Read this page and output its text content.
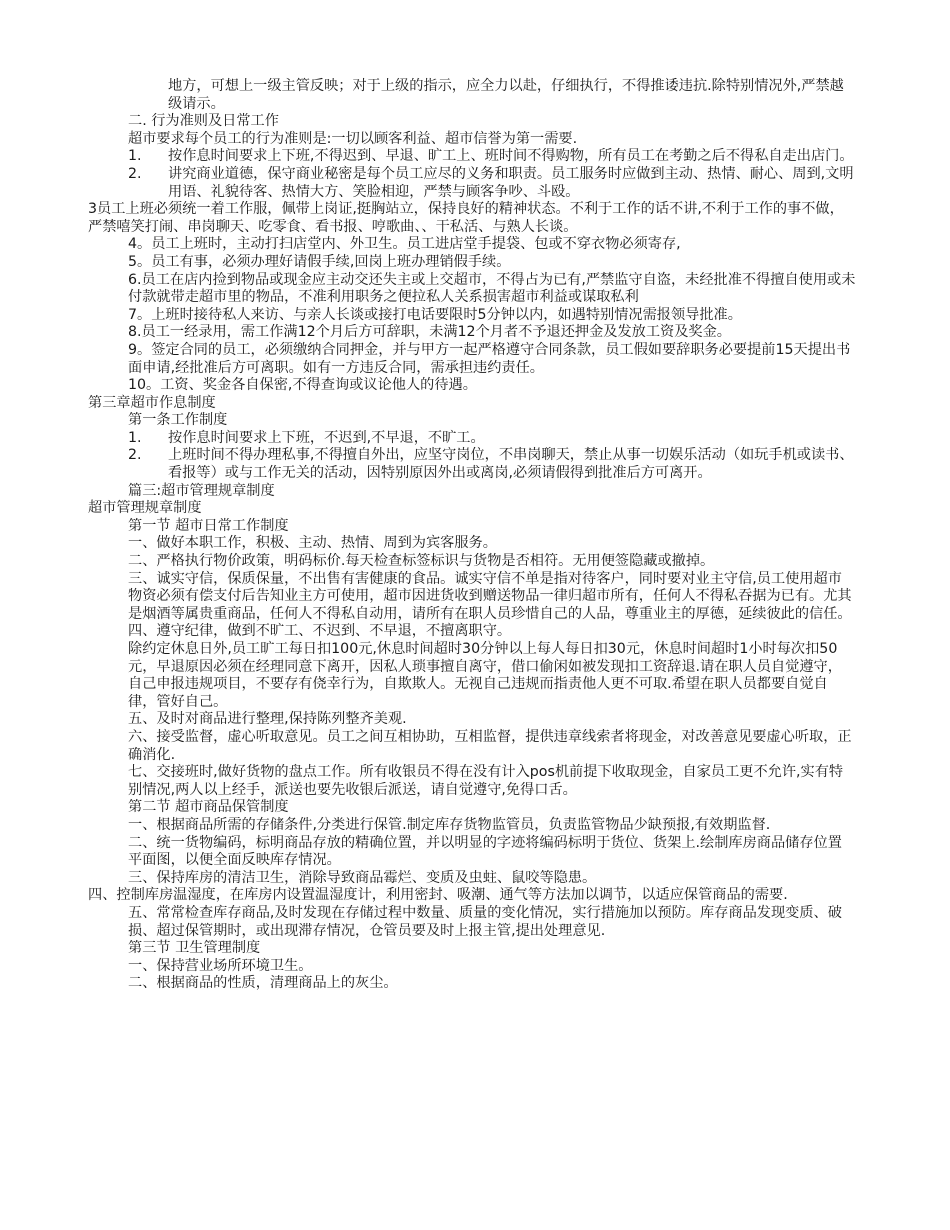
地方，可想上一级主管反映；对于上级的指示，应全力以赴，仔细执行，不得推诿违抗.除特别情况外,严禁越级请示。

二. 行为准则及日常工作

超市要求每个员工的行为准则是:一切以顾客利益、超市信誉为第一需要.

1.	按作息时间要求上下班,不得迟到、早退、旷工上、班时间不得购物，所有员工在考勤之后不得私自走出店门。
2.	讲究商业道德，保守商业秘密是每个员工应尽的义务和职责。员工服务时应做到主动、热情、耐心、周到,文明用语、礼貌待客、热情大方、笑脸相迎，严禁与顾客争吵、斗殴。

3员工上班必须统一着工作服，佩带上岗证,挺胸站立，保持良好的精神状态。不利于工作的话不讲,不利于工作的事不做，严禁嘻笑打闹、串岗聊天、吃零食、看书报、哼歌曲、、干私活、与熟人长谈。

4。员工上班时，主动打扫店堂内、外卫生。员工进店堂手提袋、包或不穿衣物必须寄存,

5。员工有事，必须办理好请假手续,回岗上班办理销假手续。

6.员工在店内捡到物品或现金应主动交还失主或上交超市，不得占为已有,严禁监守自盗，未经批准不得擅自使用或未付款就带走超市里的物品，不准利用职务之便拉私人关系损害超市利益或谋取私利

7。上班时接待私人来访、与亲人长谈或接打电话要限时5分钟以内，如遇特别情况需报领导批准。

8.员工一经录用，需工作满12个月后方可辞职，未满12个月者不予退还押金及发放工资及奖金。

9。签定合同的员工，必须缴纳合同押金，并与甲方一起严格遵守合同条款，员工假如要辞职务必要提前15天提出书面申请,经批准后方可离职。如有一方违反合同，需承担违约责任。

10。工资、奖金各自保密,不得查询或议论他人的待遇。

第三章超市作息制度

第一条工作制度

1.	按作息时间要求上下班，不迟到,不早退，不旷工。
2.	上班时间不得办理私事,不得擅自外出，应坚守岗位，不串岗聊天，禁止从事一切娱乐活动（如玩手机或读书、看报等）或与工作无关的活动，因特别原因外出或离岗,必须请假得到批准后方可离开。

篇三:超市管理规章制度

超市管理规章制度

第一节 超市日常工作制度

一、做好本职工作，积极、主动、热情、周到为宾客服务。

二、严格执行物价政策，明码标价.每天检查标签标识与货物是否相符。无用便签隐藏或撤掉。

三、诚实守信，保质保量，不出售有害健康的食品。诚实守信不单是指对待客户，同时要对业主守信,员工使用超市物资必须有偿支付后告知业主方可使用，超市因进货收到赠送物品一律归超市所有，任何人不得私吞据为已有。尤其是烟酒等属贵重商品，任何人不得私自动用，请所有在职人员珍惜自己的人品，尊重业主的厚德，延续彼此的信任。

四、遵守纪律，做到不旷工、不迟到、不早退，不擅离职守。

除约定休息日外,员工旷工每日扣100元,休息时间超时30分钟以上每人每日扣30元，休息时间超时1小时每次扣50元，早退原因必须在经理同意下离开，因私人琐事擅自离守，借口偷闲如被发现扣工资辞退.请在职人员自觉遵守，自己申报违规项目，不要存有侥幸行为，自欺欺人。无视自己违规而指责他人更不可取.希望在职人员都要自觉自律，管好自己。

五、及时对商品进行整理,保持陈列整齐美观.

六、接受监督，虚心听取意见。员工之间互相协助，互相监督，提供违章线索者将现金，对改善意见要虚心听取，正确消化.

七、交接班时,做好货物的盘点工作。所有收银员不得在没有计入pos机前提下收取现金，自家员工更不允许,实有特别情况,两人以上经手，派送也要先收银后派送，请自觉遵守,免得口舌。

第二节 超市商品保管制度

一、根据商品所需的存储条件,分类进行保管.制定库存货物监管员，负责监管物品少缺预报,有效期监督.

二、统一货物编码，标明商品存放的精确位置，并以明显的字迹将编码标明于货位、货架上.绘制库房商品储存位置平面图，以便全面反映库存情况。

三、保持库房的清洁卫生，消除导致商品霉烂、变质及虫蛀、鼠咬等隐患。

四、控制库房温湿度，在库房内设置温湿度计，利用密封、吸潮、通气等方法加以调节，以适应保管商品的需要.

五、常常检查库存商品,及时发现在存储过程中数量、质量的变化情况，实行措施加以预防。库存商品发现变质、破损、超过保管期时，或出现滞存情况，仓管员要及时上报主管,提出处理意见.

第三节 卫生管理制度

一、保持营业场所环境卫生。

二、根据商品的性质，清理商品上的灰尘。
